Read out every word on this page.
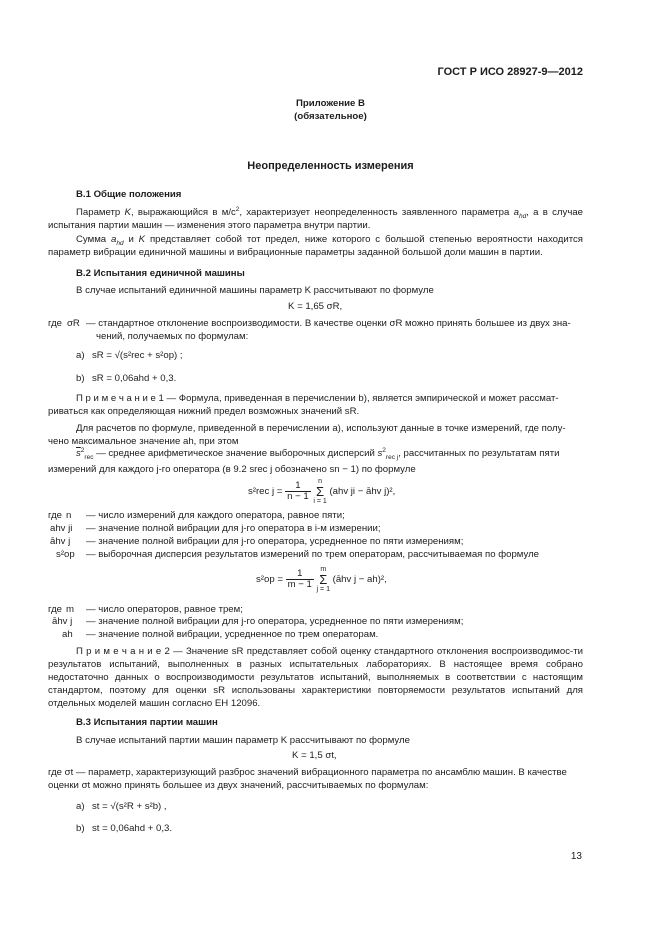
ГОСТ Р ИСО 28927-9—2012
Приложение В
(обязательное)
Неопределенность измерения
В.1 Общие положения
Параметр K, выражающийся в $м/с^2$, характеризует неопределенность заявленного параметра $a_{hd}$, а в случае испытания партии машин — изменения этого параметра внутри партии.
Сумма $a_{hd}$ и K представляет собой тот предел, ниже которого с большой степенью вероятности находится параметр вибрации единичной машины и вибрационные параметры заданной большой доли машин в партии.
В.2 Испытания единичной машины
В случае испытаний единичной машины параметр K рассчитывают по формуле
K = 1,65 σR,
где σR — стандартное отклонение воспроизводимости. В качестве оценки σR можно принять большее из двух зна-
чений, получаемых по формулам:
a) sR = √(s²rec + s²op) ;
b) sR = 0,06ahd + 0,3.
П р и м е ч а н и е 1 — Формула, приведенная в перечислении b), является эмпирической и может рассмат-
риваться как определяющая нижний предел возможных значений sR.
Для расчетов по формуле, приведенной в перечислении а), используют данные в точке измерений, где полу-
чено максимальное значение ah, при этом
$\overline{s}^2_{rec}$ — среднее арифметическое значение выборочных дисперсий $s^2_{rec j}$, рассчитанных по результатам пяти
измерений для каждого j-го оператора (в 9.2 srec j обозначено sn − 1) по формуле
s²rec $j = \frac{1}{n - 1}$ n
Σ
i = 1 (ahv ji − āhv j)²,
где n — число измерений для каждого оператора, равное пяти;
ahv ji — значение полной вибрации для j-го оператора в i-м измерении;
āhv j — значение полной вибрации для j-го оператора, усредненное по пяти измерениям;
s²op — выборочная дисперсия результатов измерений по трем операторам, рассчитываемая по формуле
$s^2op = \frac{1}{m - 1}$ m
Σ
j = 1 (āhv j − ah)²,
где m — число операторов, равное трем;
āhv j — значение полной вибрации для j-го оператора, усредненное по пяти измерениям;
ah — значение полной вибрации, усредненное по трем операторам.
П р и м е ч а н и е 2 — Значение sR представляет собой оценку стандартного отклонения воспроизводимос-ти результатов испытаний, выполненных в разных испытательных лабораториях. В настоящее время собрано недостаточно данных о воспроизводимости результатов испытаний, выполняемых в соответствии с настоящим стандартом, поэтому для оценки sR использованы характеристики повторяемости результатов испытаний для отдельных моделей машин согласно ЕН 12096.
В.3 Испытания партии машин
В случае испытаний партии машин параметр K рассчитывают по формуле
K = 1,5 σt,
где σt — параметр, характеризующий разброс значений вибрационного параметра по ансамблю машин. В качестве
оценки σt можно принять большее из двух значений, рассчитываемых по формулам:
a) st = √(s²R + s²b) ,
b) st = 0,06ahd + 0,3.
13
